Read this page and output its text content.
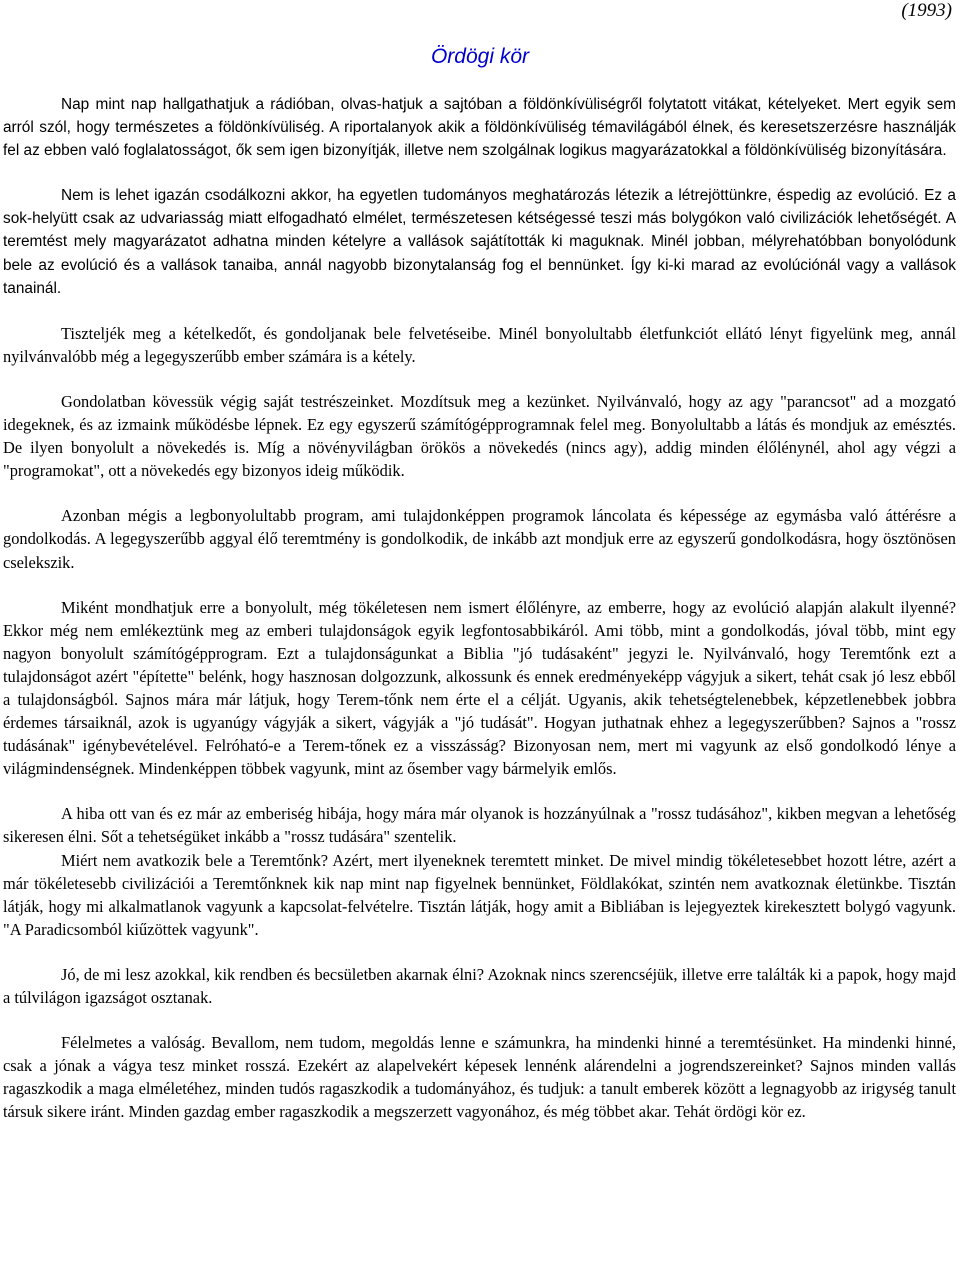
(1993)
Ördögi kör

Nap mint nap hallgathatjuk a rádióban, olvas-hatjuk a sajtóban a földönkívüliségről folytatott vitákat, kételyeket. Mert egyik sem arról szól, hogy természetes a földönkívüliség. A riportalanyok akik a földönkívüliség témavilágából élnek, és keresetszerzésre használják fel az ebben való foglalatosságot, ők sem igen bizonyítják, illetve nem szolgálnak logikus magyarázatokkal a földönkívüliség bizonyítására.

Nem is lehet igazán csodálkozni akkor, ha egyetlen tudományos meghatározás létezik a létrejöttünkre, éspedig az evolúció. Ez a sok-helyütt csak az udvariasság miatt elfogadható elmélet, természetesen kétségessé teszi más bolygókon való civilizációk lehetőségét. A teremtést mely magyarázatot adhatna minden kételyre a vallások sajátították ki maguknak. Minél jobban, mélyrehatóbban bonyolódunk bele az evolúció és a vallások tanaiba, annál nagyobb bizonytalanság fog el bennünket. Így ki-ki marad az evolúciónál vagy a vallások tanainál.

Tiszteljék meg a kételkedőt, és gondoljanak bele felvetéseibe. Minél bonyolultabb életfunkciót ellátó lényt figyelünk meg, annál nyilvánvalóbb még a legegyszerűbb ember számára is a kétely.

Gondolatban kövessük végig saját testrészeinket. Mozdítsuk meg a kezünket. Nyilvánvaló, hogy az agy "parancsot" ad a mozgató idegeknek, és az izmaink működésbe lépnek. Ez egy egyszerű számítógépprogramnak felel meg. Bonyolultabb a látás és mondjuk az emésztés. De ilyen bonyolult a növekedés is. Míg a növényvilágban örökös a növekedés (nincs agy), addig minden élőlénynél, ahol agy végzi a "programokat", ott a növekedés egy bizonyos ideig működik.

Azonban mégis a legbonyolultabb program, ami tulajdonképpen programok láncolata és képessége az egymásba való áttérésre a gondolkodás. A legegyszerűbb aggyal élő teremtmény is gondolkodik, de inkább azt mondjuk erre az egyszerű gondolkodásra, hogy ösztönösen cselekszik.

Miként mondhatjuk erre a bonyolult, még tökéletesen nem ismert élőlényre, az emberre, hogy az evolúció alapján alakult ilyenné? Ekkor még nem emlékeztünk meg az emberi tulajdonságok egyik legfontosabbikáról. Ami több, mint a gondolkodás, jóval több, mint egy nagyon bonyolult számítógépprogram. Ezt a tulajdonságunkat a Biblia "jó tudásaként" jegyzi le. Nyilvánvaló, hogy Teremtőnk ezt a tulajdonságot azért "építette" belénk, hogy hasznosan dolgozzunk, alkossunk és ennek eredményeképp vágyjuk a sikert, tehát csak jó lesz ebből a tulajdonságból. Sajnos mára már látjuk, hogy Terem-tőnk nem érte el a célját. Ugyanis, akik tehetségtelenebbek, képzetlenebbek jobbra érdemes társaiknál, azok is ugyanúgy vágyják a sikert, vágyják a "jó tudását". Hogyan juthatnak ehhez a legegyszerűbben? Sajnos a "rossz tudásának" igénybevételével. Felróható-e a Terem-tőnek ez a visszásság? Bizonyosan nem, mert mi vagyunk az első gondolkodó lénye a világmindenségnek. Mindenképpen többek vagyunk, mint az ősember vagy bármelyik emlős.

A hiba ott van és ez már az emberiség hibája, hogy mára már olyanok is hozzányúlnak a "rossz tudásához", kikben megvan a lehetőség sikeresen élni. Sőt a tehetségüket inkább a "rossz tudására" szentelik.

Miért nem avatkozik bele a Teremtőnk? Azért, mert ilyeneknek teremtett minket. De mivel mindig tökéletesebbet hozott létre, azért a már tökéletesebb civilizációi a Teremtőnknek kik nap mint nap figyelnek bennünket, Földlakókat, szintén nem avatkoznak életünkbe. Tisztán látják, hogy mi alkalmatlanok vagyunk a kapcsolat-felvételre. Tisztán látják, hogy amit a Bibliában is lejegyeztek kirekesztett bolygó vagyunk. "A Paradicsomból kiűzöttek vagyunk".

Jó, de mi lesz azokkal, kik rendben és becsületben akarnak élni? Azoknak nincs szerencséjük, illetve erre találták ki a papok, hogy majd a túlvilágon igazságot osztanak.

Félelmetes a valóság. Bevallom, nem tudom, megoldás lenne e számunkra, ha mindenki hinné a teremtésünket. Ha mindenki hinné, csak a jónak a vágya tesz minket rosszá. Ezekért az alapelvekért képesek lennénk alárendelni a jogrendszereinket? Sajnos minden vallás ragaszkodik a maga elméletéhez, minden tudós ragaszkodik a tudományához, és tudjuk: a tanult emberek között a legnagyobb az irigység tanult társuk sikere iránt. Minden gazdag ember ragaszkodik a megszerzett vagyonához, és még többet akar. Tehát ördögi kör ez.
